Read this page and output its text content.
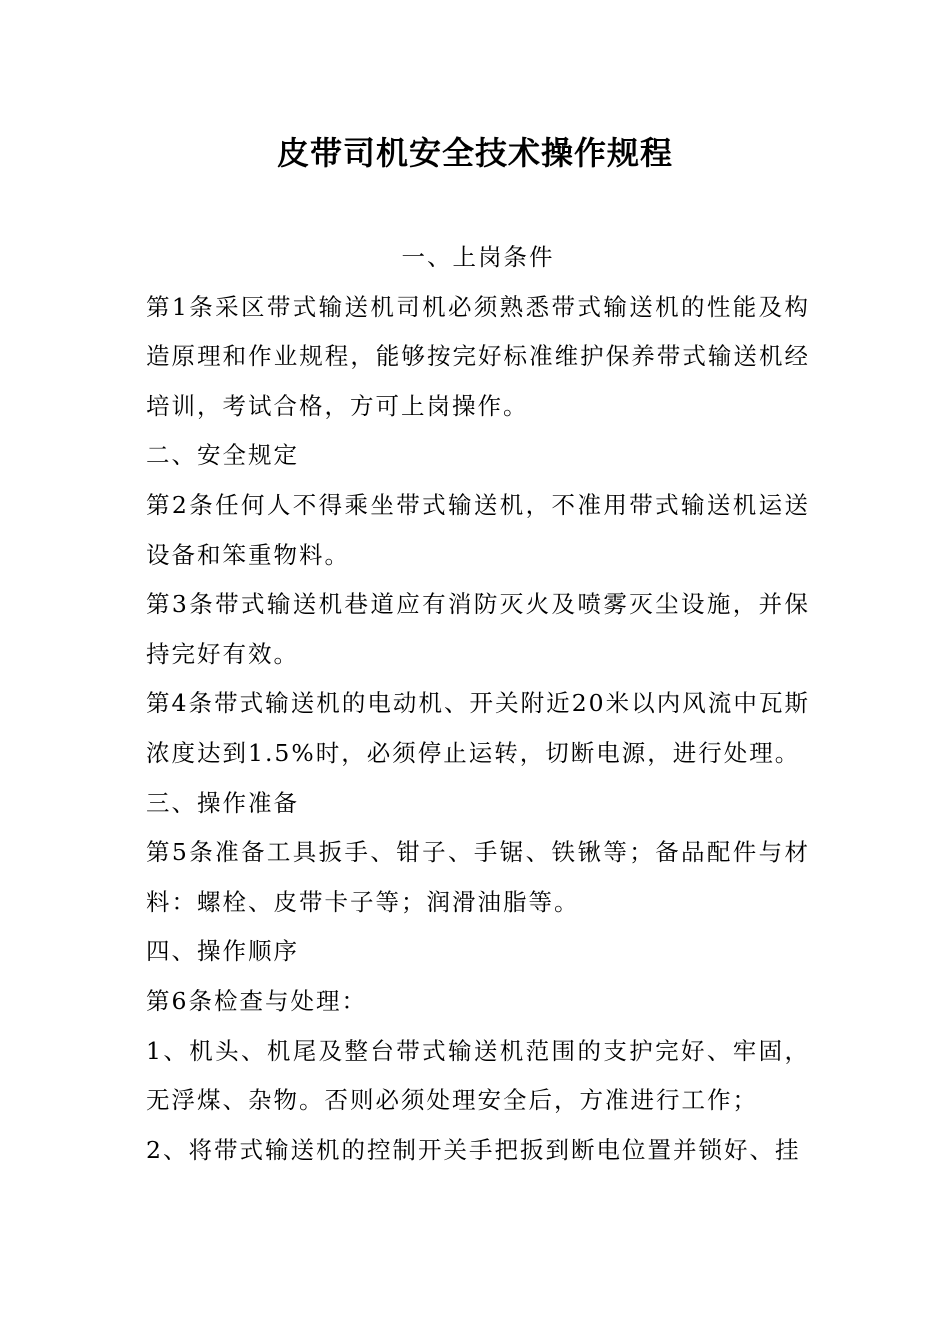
皮带司机安全技术操作规程

一、上岗条件

第1条采区带式输送机司机必须熟悉带式输送机的性能及构造原理和作业规程，能够按完好标准维护保养带式输送机经培训，考试合格，方可上岗操作。

二、安全规定

第2条任何人不得乘坐带式输送机，不准用带式输送机运送设备和笨重物料。

第3条带式输送机巷道应有消防灭火及喷雾灭尘设施，并保持完好有效。

第4条带式输送机的电动机、开关附近20米以内风流中瓦斯浓度达到1.5%时，必须停止运转，切断电源，进行处理。

三、操作准备

第5条准备工具扳手、钳子、手锯、铁锹等；备品配件与材料：螺栓、皮带卡子等；润滑油脂等。

四、操作顺序

第6条检查与处理：

1、机头、机尾及整台带式输送机范围的支护完好、牢固，无浮煤、杂物。否则必须处理安全后，方准进行工作；

2、将带式输送机的控制开关手把扳到断电位置并锁好、挂
